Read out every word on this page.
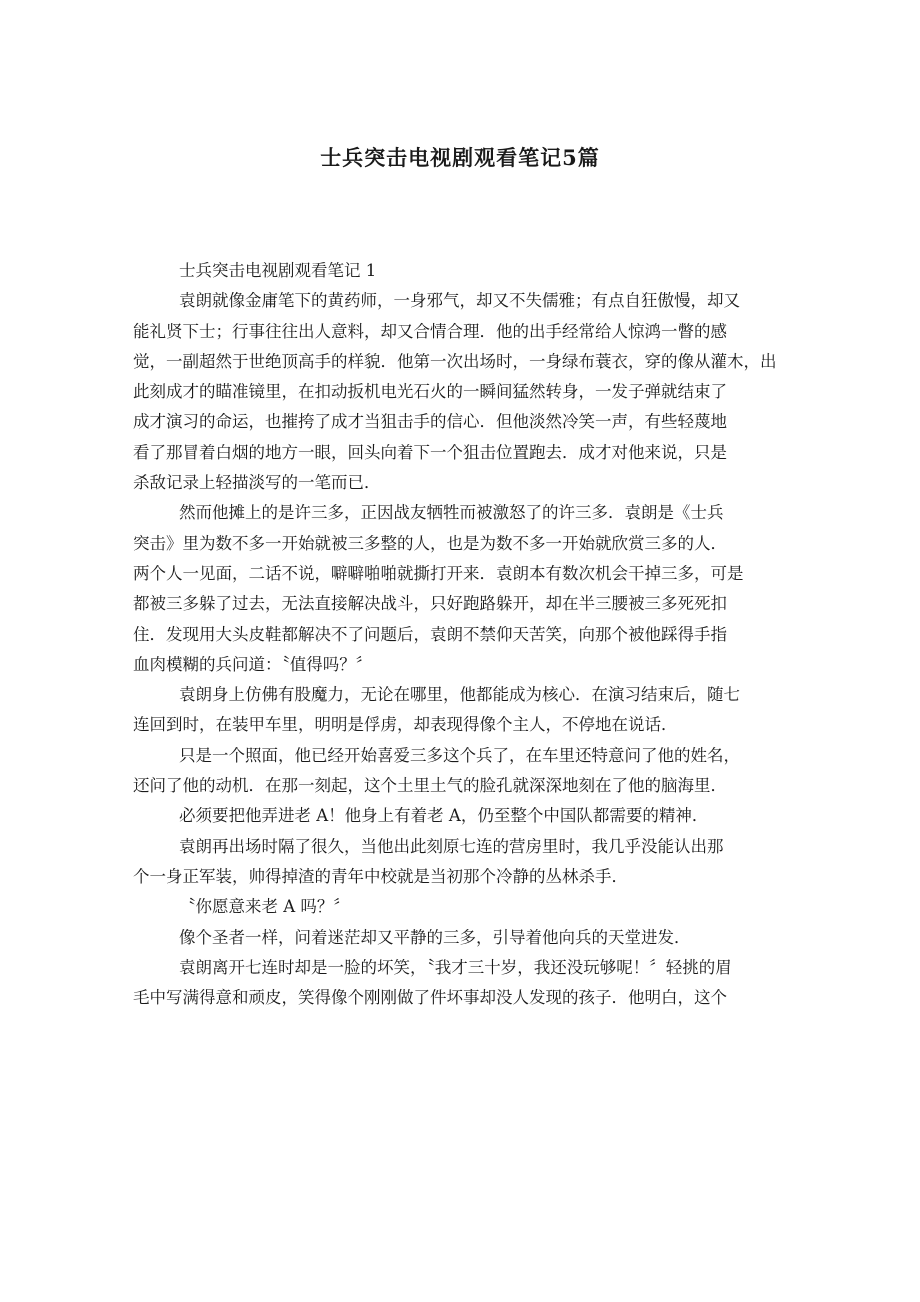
士兵突击电视剧观看笔记5篇
士兵突击电视剧观看笔记 1
袁朗就像金庸笔下的黄药师，一身邪气，却又不失儒雅；有点自狂傲慢，却又
能礼贤下士；行事往往出人意料，却又合情合理．他的出手经常给人惊鸿一瞥的感
觉，一副超然于世绝顶高手的样貌．他第一次出场时，一身绿布蓑衣，穿的像从灌木，出
此刻成才的瞄准镜里，在扣动扳机电光石火的一瞬间猛然转身，一发子弹就结束了
成才演习的命运，也摧挎了成才当狙击手的信心．但他淡然冷笑一声，有些轻蔑地
看了那冒着白烟的地方一眼，回头向着下一个狙击位置跑去．成才对他来说，只是
杀敌记录上轻描淡写的一笔而已．
然而他摊上的是许三多，正因战友牺牲而被激怒了的许三多．袁朗是《士兵
突击》里为数不多一开始就被三多整的人，也是为数不多一开始就欣赏三多的人．
两个人一见面，二话不说，噼噼啪啪就撕打开来．袁朗本有数次机会干掉三多，可是
都被三多躲了过去，无法直接解决战斗，只好跑路躲开，却在半三腰被三多死死扣
住．发现用大头皮鞋都解决不了问题后，袁朗不禁仰天苦笑，向那个被他踩得手指
血肉模糊的兵问道：〝值得吗？〞
袁朗身上仿佛有股魔力，无论在哪里，他都能成为核心．在演习结束后，随七
连回到时，在装甲车里，明明是俘虏，却表现得像个主人，不停地在说话．
只是一个照面，他已经开始喜爱三多这个兵了，在车里还特意问了他的姓名，
还问了他的动机．在那一刻起，这个土里土气的脸孔就深深地刻在了他的脑海里．
必须要把他弄进老 A！他身上有着老 A，仍至整个中国队都需要的精神．
袁朗再出场时隔了很久，当他出此刻原七连的营房里时，我几乎没能认出那
个一身正军装，帅得掉渣的青年中校就是当初那个冷静的丛林杀手．
〝你愿意来老 A 吗？〞
像个圣者一样，问着迷茫却又平静的三多，引导着他向兵的天堂进发．
袁朗离开七连时却是一脸的坏笑，〝我才三十岁，我还没玩够呢！〞轻挑的眉
毛中写满得意和顽皮，笑得像个刚刚做了件坏事却没人发现的孩子．他明白，这个
